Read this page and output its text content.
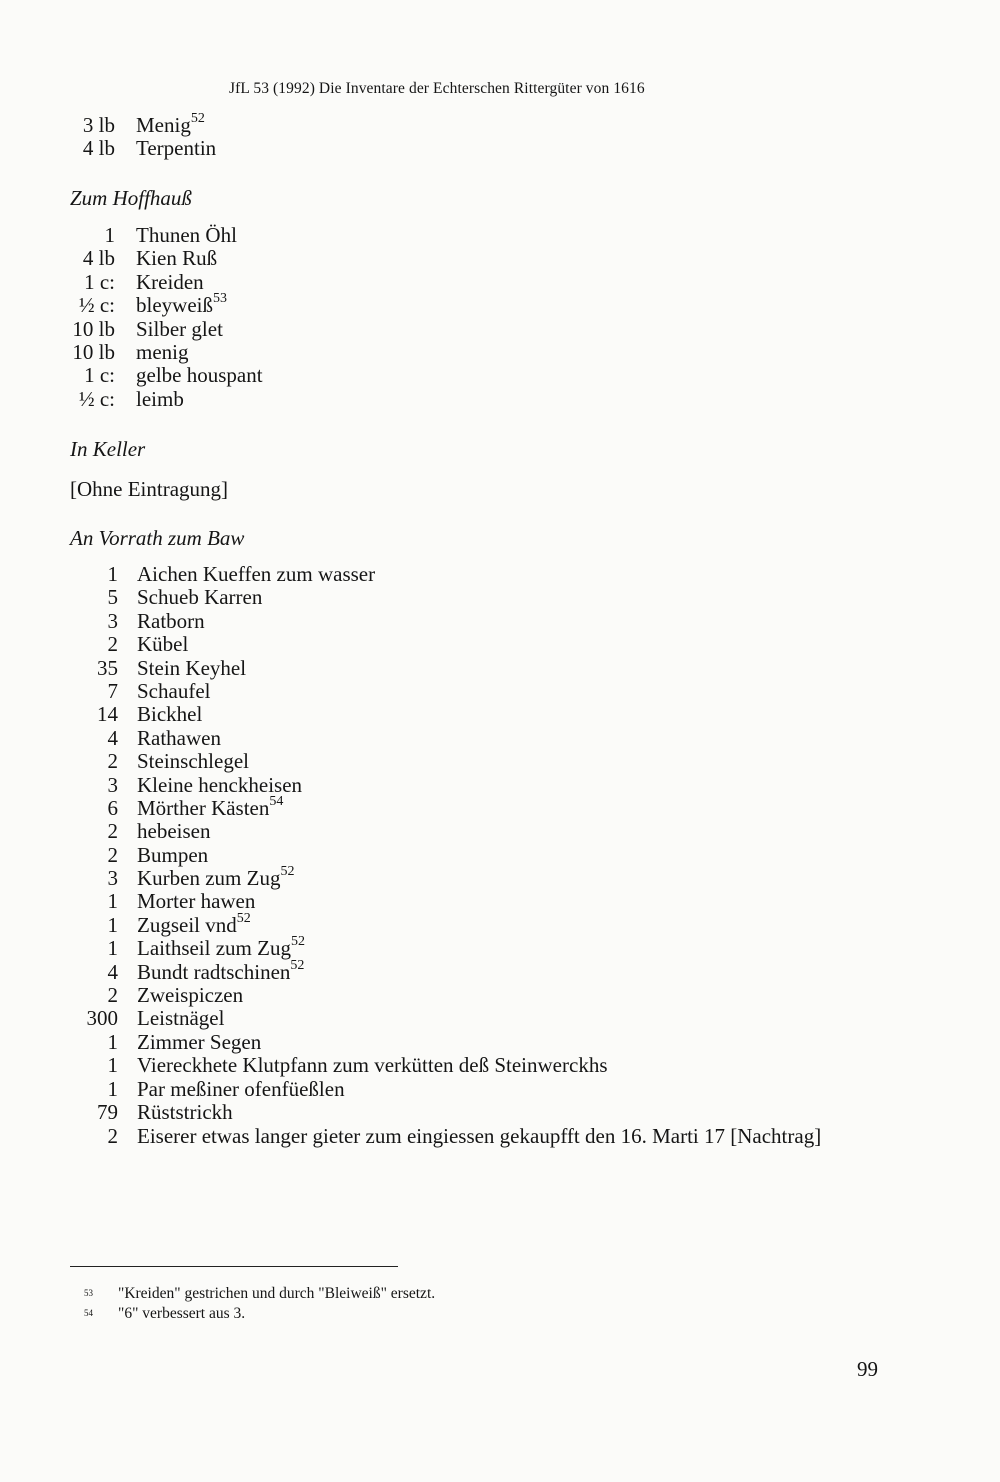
JfL 53 (1992) Die Inventare der Echterschen Rittergüter von 1616
3 lb Menig$^{52}$
4 lb Terpentin
Zum Hoffhauß
1 Thunen Öhl
4 lb Kien Ruß
1 c: Kreiden
½ c: bleyweiß$^{53}$
10 lb Silber glet
10 lb menig
1 c: gelbe houspant
½ c: leimb
In Keller
[Ohne Eintragung]
An Vorrath zum Baw
1 Aichen Kueffen zum wasser
5 Schueb Karren
3 Ratborn
2 Kübel
35 Stein Keyhel
7 Schaufel
14 Bickhel
4 Rathawen
2 Steinschlegel
3 Kleine henckheisen
6 Mörther Kästen$^{54}$
2 hebeisen
2 Bumpen
3 Kurben zum Zug$^{52}$
1 Morter hawen
1 Zugseil vnd$^{52}$
1 Laithseil zum Zug$^{52}$
4 Bundt radtschinen$^{52}$
2 Zweispiczen
300 Leistnägel
1 Zimmer Segen
1 Viereckhete Klutpfann zum verkütten deß Steinwerckhs
1 Par meßiner ofenfüeßlen
79 Rüststrickh
2 Eiserer etwas langer gieter zum eingiessen gekaupfft den 16. Marti 17 [Nachtrag]
53 "Kreiden" gestrichen und durch "Bleiweiß" ersetzt.
54 "6" verbessert aus 3.
99
